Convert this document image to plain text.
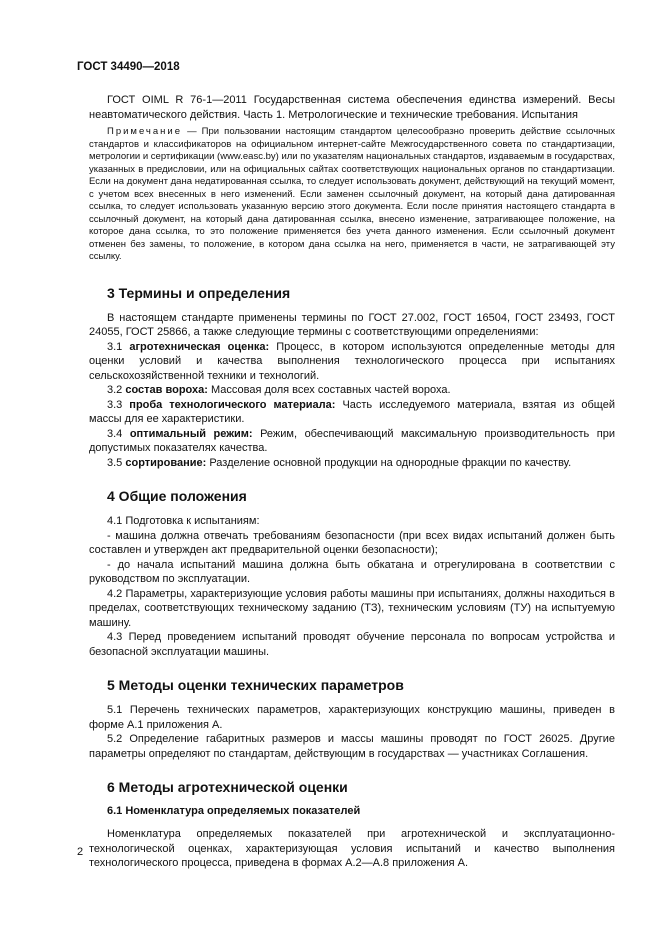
ГОСТ 34490—2018

ГОСТ OIML R 76-1—2011 Государственная система обеспечения единства измерений. Весы неавтоматического действия. Часть 1. Метрологические и технические требования. Испытания

Примечание — При пользовании настоящим стандартом целесообразно проверить действие ссылочных стандартов и классификаторов на официальном интернет-сайте Межгосударственного совета по стандартизации, метрологии и сертификации (www.easc.by) или по указателям национальных стандартов, издаваемым в государствах, указанных в предисловии, или на официальных сайтах соответствующих национальных органов по стандартизации. Если на документ дана недатированная ссылка, то следует использовать документ, действующий на текущий момент, с учетом всех внесенных в него изменений. Если заменен ссылочный документ, на который дана датированная ссылка, то следует использовать указанную версию этого документа. Если после принятия настоящего стандарта в ссылочный документ, на который дана датированная ссылка, внесено изменение, затрагивающее положение, на которое дана ссылка, то это положение применяется без учета данного изменения. Если ссылочный документ отменен без замены, то положение, в котором дана ссылка на него, применяется в части, не затрагивающей эту ссылку.
3 Термины и определения

В настоящем стандарте применены термины по ГОСТ 27.002, ГОСТ 16504, ГОСТ 23493, ГОСТ 24055, ГОСТ 25866, а также следующие термины с соответствующими определениями:

3.1 агротехническая оценка: Процесс, в котором используются определенные методы для оценки условий и качества выполнения технологического процесса при испытаниях сельскохозяйственной техники и технологий.

3.2 состав вороха: Массовая доля всех составных частей вороха.

3.3 проба технологического материала: Часть исследуемого материала, взятая из общей массы для ее характеристики.

3.4 оптимальный режим: Режим, обеспечивающий максимальную производительность при допустимых показателях качества.

3.5 сортирование: Разделение основной продукции на однородные фракции по качеству.

4 Общие положения

4.1 Подготовка к испытаниям:

- машина должна отвечать требованиям безопасности (при всех видах испытаний должен быть составлен и утвержден акт предварительной оценки безопасности);

- до начала испытаний машина должна быть обкатана и отрегулирована в соответствии с руководством по эксплуатации.

4.2 Параметры, характеризующие условия работы машины при испытаниях, должны находиться в пределах, соответствующих техническому заданию (ТЗ), техническим условиям (ТУ) на испытуемую машину.

4.3 Перед проведением испытаний проводят обучение персонала по вопросам устройства и безопасной эксплуатации машины.

5 Методы оценки технических параметров

5.1 Перечень технических параметров, характеризующих конструкцию машины, приведен в форме А.1 приложения А.

5.2 Определение габаритных размеров и массы машины проводят по ГОСТ 26025. Другие параметры определяют по стандартам, действующим в государствах — участниках Соглашения.

6 Методы агротехнической оценки
6.1 Номенклатура определяемых показателей

Номенклатура определяемых показателей при агротехнической и эксплуатационно-технологической оценках, характеризующая условия испытаний и качество выполнения технологического процесса, приведена в формах А.2—А.8 приложения А.

2
